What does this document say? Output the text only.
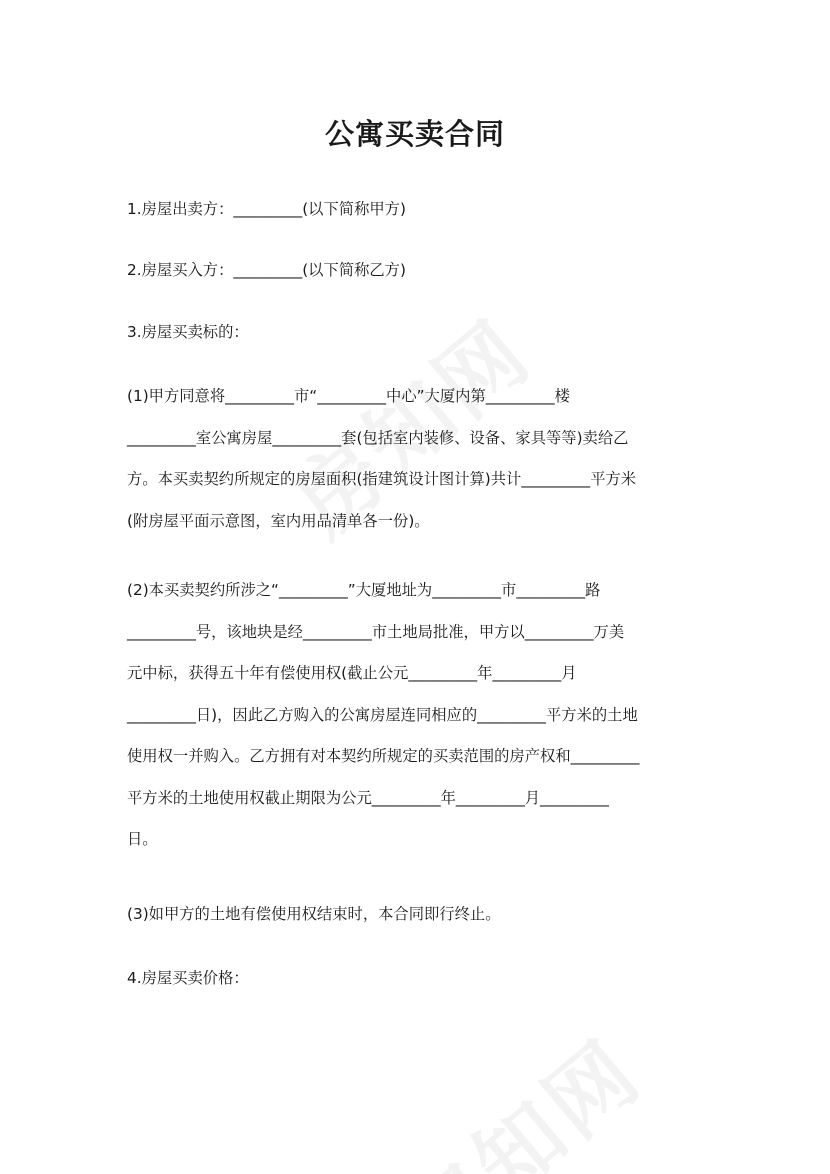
公寓买卖合同

1.房屋出卖方：_________(以下简称甲方)

2.房屋买入方：_________(以下简称乙方)

3.房屋买卖标的：

(1)甲方同意将_________市“_________中心”大厦内第_________楼
_________室公寓房屋_________套(包括室内装修、设备、家具等等)卖给乙
方。本买卖契约所规定的房屋面积(指建筑设计图计算)共计_________平方米
(附房屋平面示意图，室内用品清单各一份)。

(2)本买卖契约所涉之“_________”大厦地址为_________市_________路
_________号，该地块是经_________市土地局批准，甲方以_________万美
元中标，获得五十年有偿使用权(截止公元_________年_________月
_________日)，因此乙方购入的公寓房屋连同相应的_________平方米的土地
使用权一并购入。乙方拥有对本契约所规定的买卖范围的房产权和_________
平方米的土地使用权截止期限为公元_________年_________月_________
日。

(3)如甲方的土地有偿使用权结束时，本合同即行终止。

4.房屋买卖价格：
